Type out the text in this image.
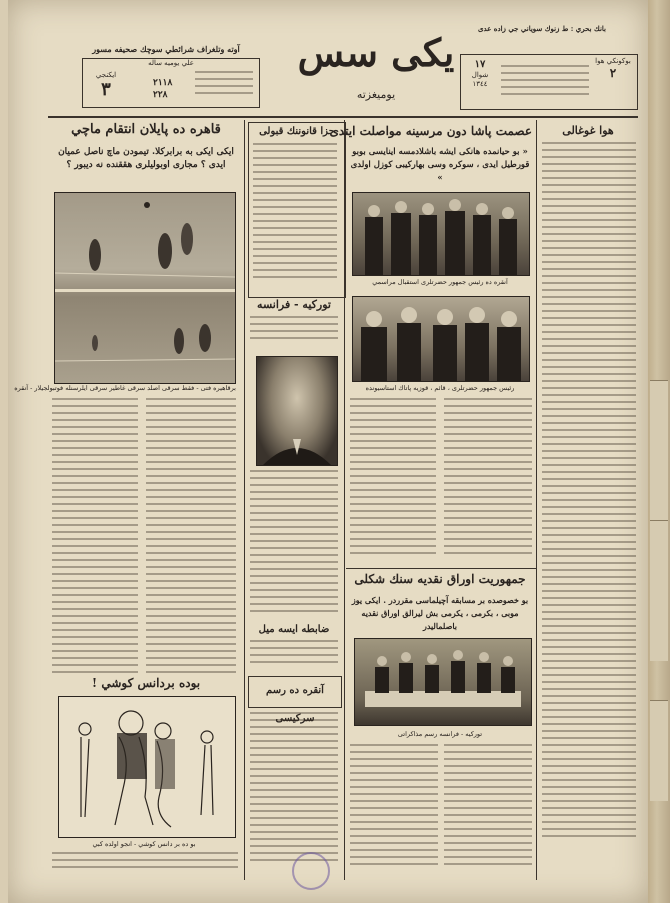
آوته وتلغراف شرائطي سوچك صحيفه مسور
علي يوميه ساله
ايكنجي
٣	٢١١٨
٢٢٨
يكى سس
يوميغزته
بانك بحري : ط زنوك سوياني جي زاده عدى
بوكونكي هوا
٢
١٧
شوال
١٣٤٤
قاهره ده پايلان انتقام ماچي
ايكى ايكى به برابركلا. تيمودن ماچ ناصل عميان ايدى ؟ مجارى اوبوليلرى هققنده نه ديبور ؟
برقاهيره فتى - فقط سرقى اصلد سرقى غاطير سرقى ايلرسنله فوتبولجيلار - آنقره
بوده بردانس كوشي !
بو ده بر دانس كوشي - انجو اولده كبي
جزا قانوننك قبولى
تورکيه - فرانسه
ضابطه ايسه ميل
آنقره ده رسم سركيسى
عصمت پاشا دون مرسينه مواصلت ايتدى
« بو حيانمده هانكى ايشه باشلادمسه اينايسى بوبو قورطيل ايدى ، سوكره وسى بهاركيبى كوزل اولدى »
آنقره ده رئيس جمهور حضرتلرى استقبال مراسمي
رئيس جمهور حضرتلرى ، قائم ، قوزيه پاتاك استاسيونده
جمهوريت اوراق نقديه سنك شكلى
بو خصوصده بر مسابقه آچيلماسى مقرردر . ايكى يوز موبى ، بكرمى ، يكرمى بش ليرالق اوراق نقديه باصلماليدر
تورکيه - فرانسه رسم مذاكراتى
هوا غوغالى
